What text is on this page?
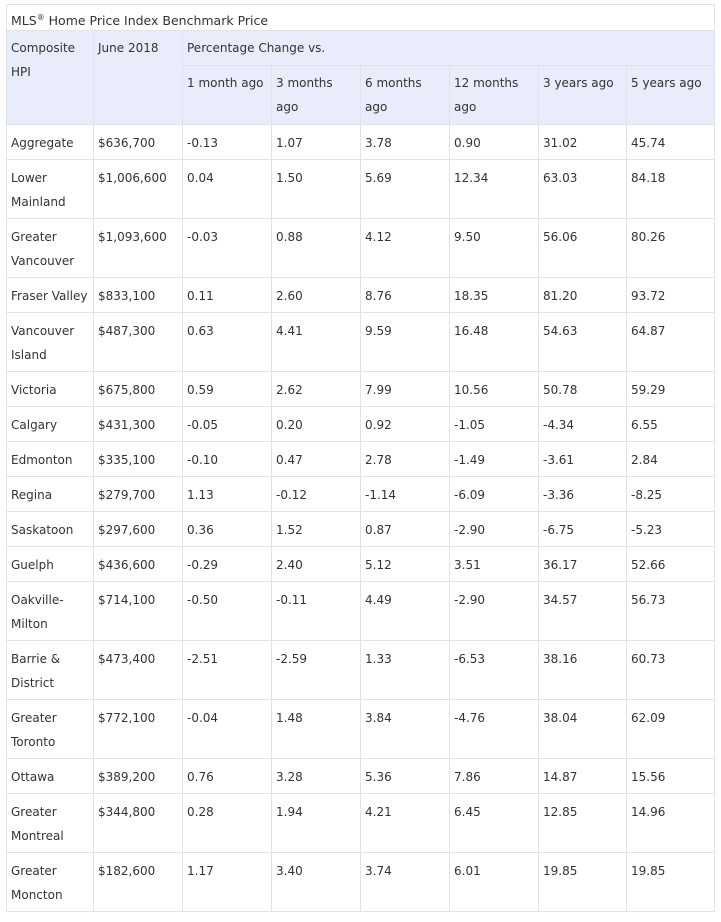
MLS® Home Price Index Benchmark Price
Composite HPI	June 2018	Percentage Change vs.					
		1 month ago	3 months ago	6 months ago	12 months ago	3 years ago	5 years ago
Aggregate	$636,700	-0.13	1.07	3.78	0.90	31.02	45.74
Lower Mainland	$1,006,600	0.04	1.50	5.69	12.34	63.03	84.18
Greater Vancouver	$1,093,600	-0.03	0.88	4.12	9.50	56.06	80.26
Fraser Valley	$833,100	0.11	2.60	8.76	18.35	81.20	93.72
Vancouver Island	$487,300	0.63	4.41	9.59	16.48	54.63	64.87
Victoria	$675,800	0.59	2.62	7.99	10.56	50.78	59.29
Calgary	$431,300	-0.05	0.20	0.92	-1.05	-4.34	6.55
Edmonton	$335,100	-0.10	0.47	2.78	-1.49	-3.61	2.84
Regina	$279,700	1.13	-0.12	-1.14	-6.09	-3.36	-8.25
Saskatoon	$297,600	0.36	1.52	0.87	-2.90	-6.75	-5.23
Guelph	$436,600	-0.29	2.40	5.12	3.51	36.17	52.66
Oakville-Milton	$714,100	-0.50	-0.11	4.49	-2.90	34.57	56.73
Barrie & District	$473,400	-2.51	-2.59	1.33	-6.53	38.16	60.73
Greater Toronto	$772,100	-0.04	1.48	3.84	-4.76	38.04	62.09
Ottawa	$389,200	0.76	3.28	5.36	7.86	14.87	15.56
Greater Montreal	$344,800	0.28	1.94	4.21	6.45	12.85	14.96
Greater Moncton	$182,600	1.17	3.40	3.74	6.01	19.85	19.85
